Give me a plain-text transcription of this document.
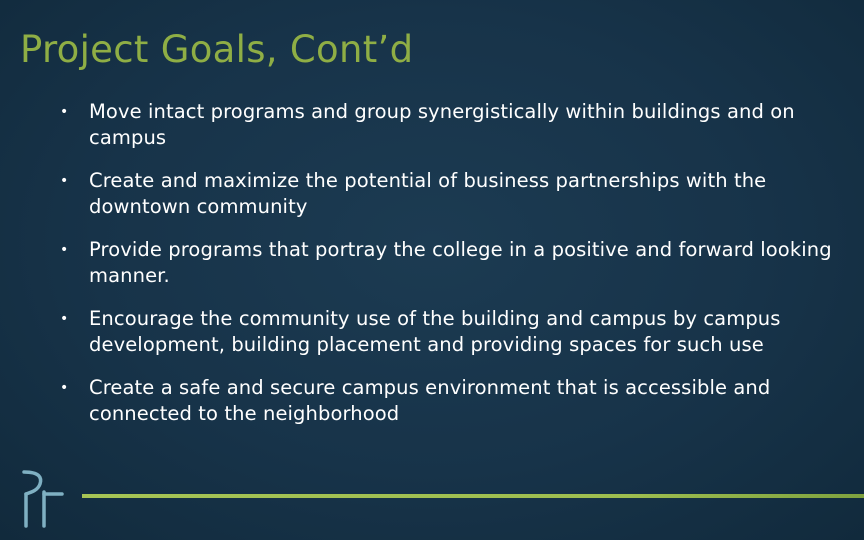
Project Goals, Cont’d
• Move intact programs and group synergistically within buildings and on campus
• Create and maximize the potential of business partnerships with the downtown community
• Provide programs that portray the college in a positive and forward looking manner.
• Encourage the community use of the building and campus by campus development, building placement and providing spaces for such use
• Create a safe and secure campus environment that is accessible and connected to the neighborhood
